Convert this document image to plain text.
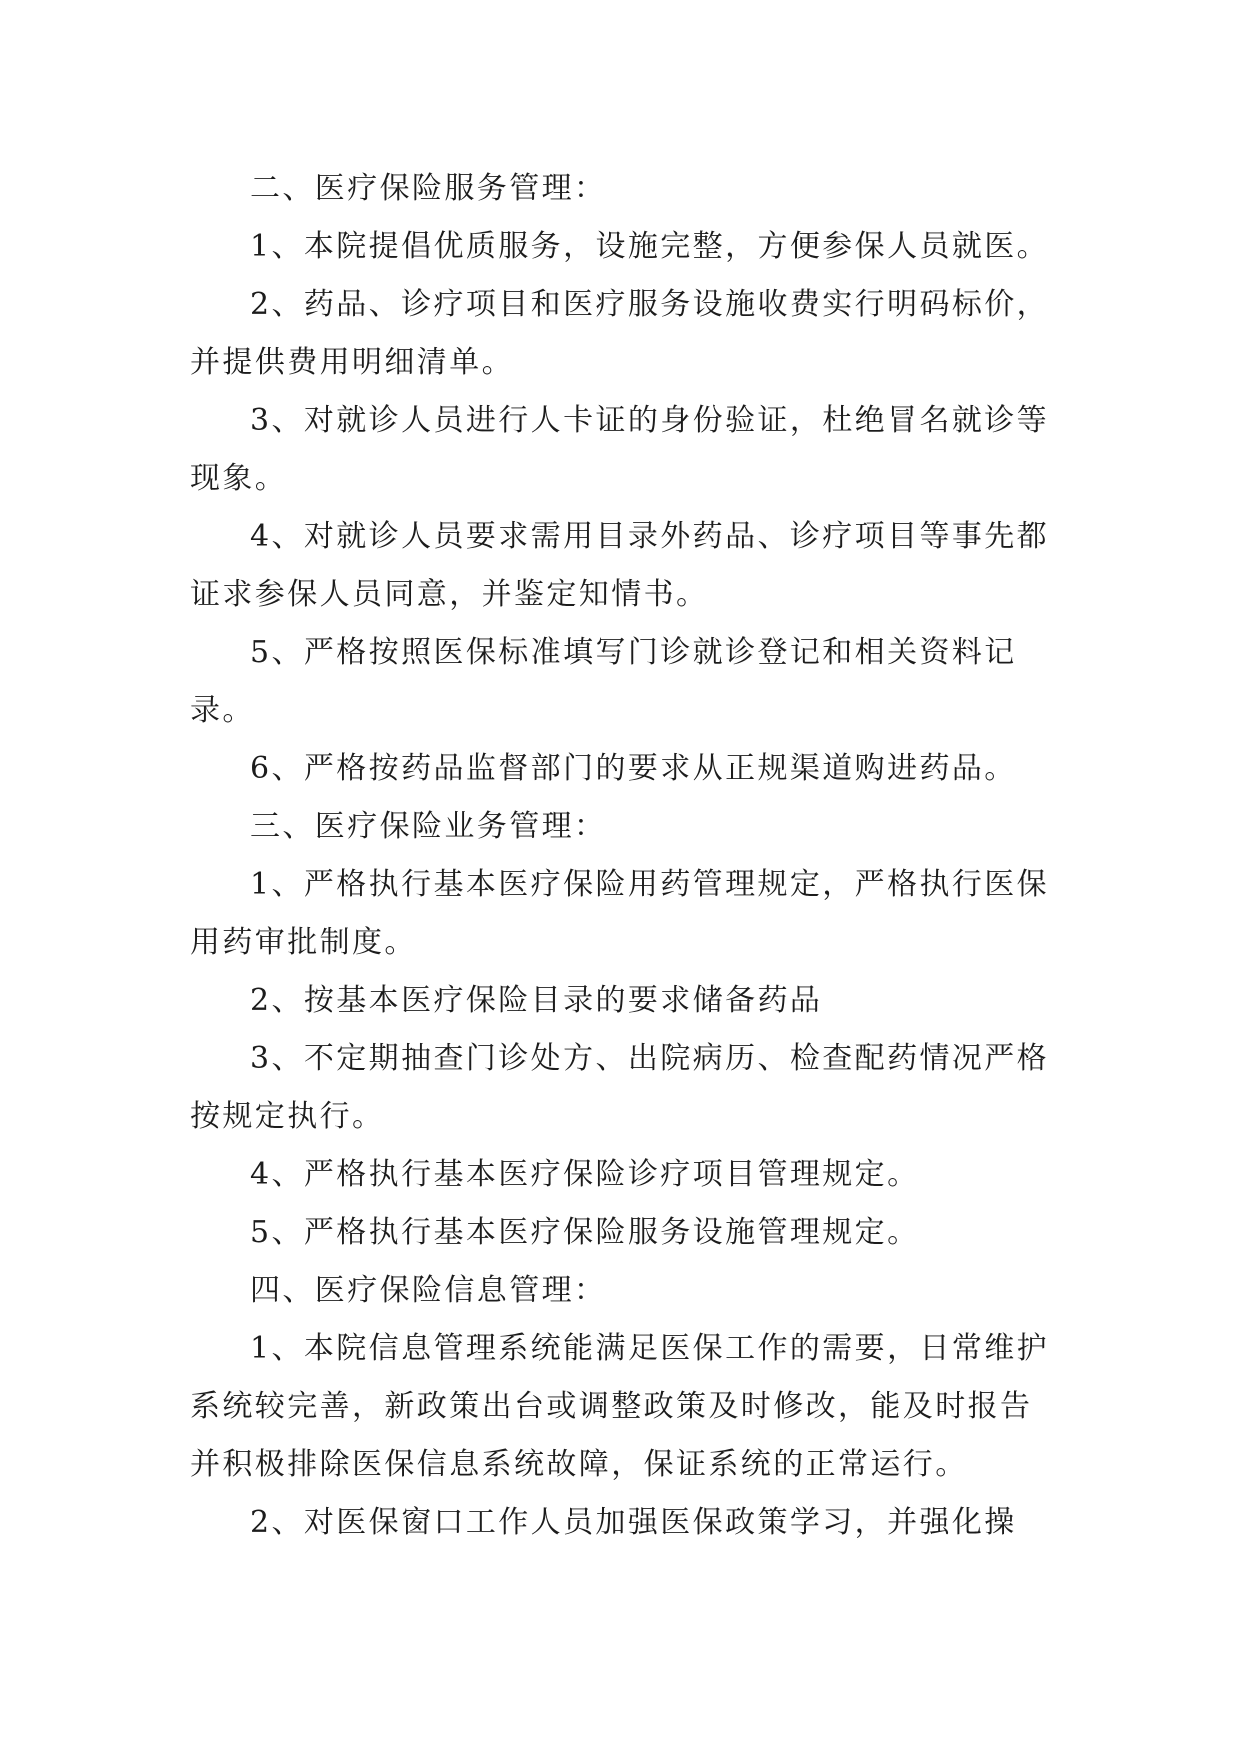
二、医疗保险服务管理：

1、本院提倡优质服务，设施完整，方便参保人员就医。

2、药品、诊疗项目和医疗服务设施收费实行明码标价，并提供费用明细清单。

3、对就诊人员进行人卡证的身份验证，杜绝冒名就诊等现象。

4、对就诊人员要求需用目录外药品、诊疗项目等事先都证求参保人员同意，并鉴定知情书。

5、严格按照医保标准填写门诊就诊登记和相关资料记录。

6、严格按药品监督部门的要求从正规渠道购进药品。

三、医疗保险业务管理：

1、严格执行基本医疗保险用药管理规定，严格执行医保用药审批制度。

2、按基本医疗保险目录的要求储备药品

3、不定期抽查门诊处方、出院病历、检查配药情况严格按规定执行。

4、严格执行基本医疗保险诊疗项目管理规定。

5、严格执行基本医疗保险服务设施管理规定。

四、医疗保险信息管理：

1、本院信息管理系统能满足医保工作的需要，日常维护系统较完善，新政策出台或调整政策及时修改，能及时报告并积极排除医保信息系统故障，保证系统的正常运行。

2、对医保窗口工作人员加强医保政策学习，并强化操
